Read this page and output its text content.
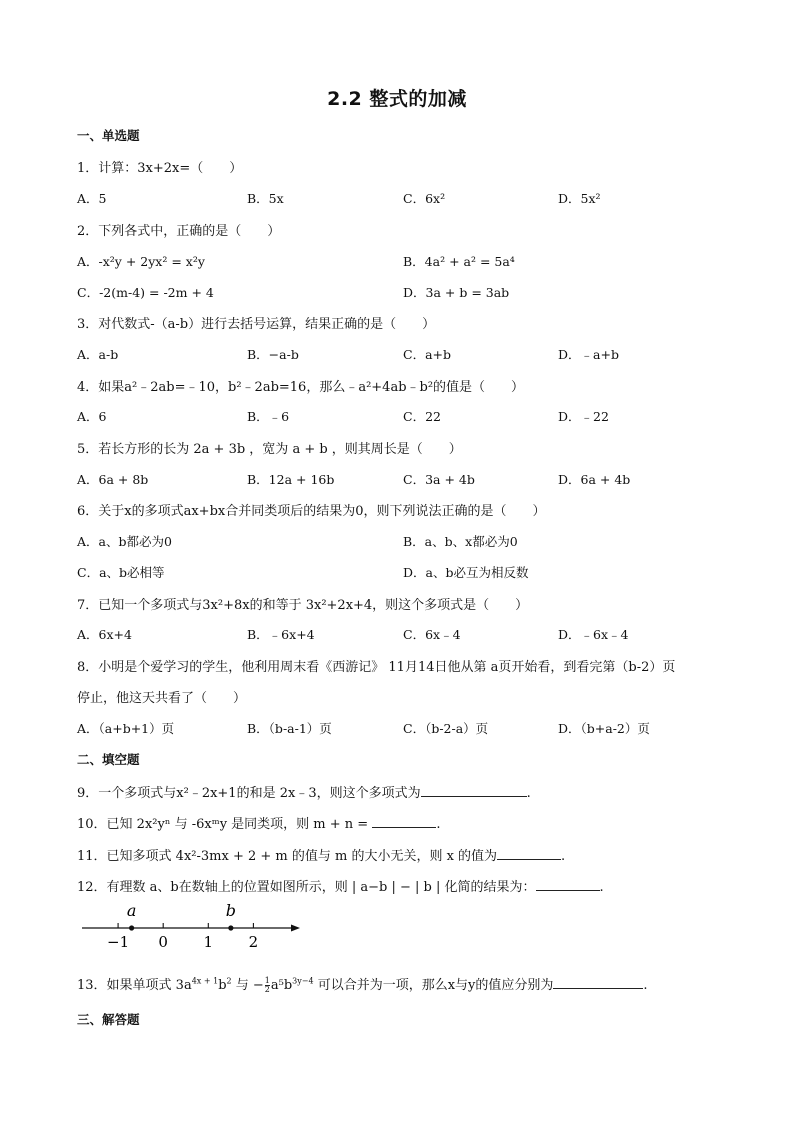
2.2 整式的加减
一、单选题
1．计算：3x+2x=（　　）
A．5	B．5x	C．6x²	D．5x²
2．下列各式中，正确的是（　　）
A．-x²y + 2yx² = x²y	B．4a² + a² = 5a⁴
C．-2(m-4) = -2m + 4	D．3a + b = 3ab
3．对代数式-（a-b）进行去括号运算，结果正确的是（　　）
A．a-b	B．−a-b	C．a+b	D．﹣a+b
4．如果a²﹣2ab=﹣10，b²﹣2ab=16，那么﹣a²+4ab﹣b²的值是（　　）
A．6	B．﹣6	C．22	D．﹣22
5．若长方形的长为 2a + 3b ，宽为 a + b ，则其周长是（　　）
A．6a + 8b	B．12a + 16b	C．3a + 4b	D．6a + 4b
6．关于x的多项式ax+bx合并同类项后的结果为0，则下列说法正确的是（　　）
A．a、b都必为0	B．a、b、x都必为0
C．a、b必相等	D．a、b必互为相反数
7．已知一个多项式与3x²+8x的和等于 3x²+2x+4，则这个多项式是（　　）
A．6x+4	B．﹣6x+4	C．6x﹣4	D．﹣6x﹣4
8．小明是个爱学习的学生，他利用周末看《西游记》 11月14日他从第 a页开始看，到看完第（b-2）页
停止，他这天共看了（　　）
A．（a+b+1）页	B．（b-a-1）页	C．（b-2-a）页	D．（b+a-2）页
二、填空题
9．一个多项式与x²﹣2x+1的和是 2x﹣3，则这个多项式为	.
10．已知 2x²yⁿ 与 -6xᵐy 是同类项，则 m + n =	.
11．已知多项式 4x²-3mx + 2 + m 的值与 m 的大小无关，则 x 的值为	.
12．有理数 a、b在数轴上的位置如图所示，则 | a−b | − | b | 化简的结果为：	.
−1 0 1 2
a	b
13．如果单项式 $3a^{4x + 1}b^2$ 与 − $\frac{1}{2} a^5b^{3y-4}$ 可以合并为一项，那么x与y的值应分别为	.
三、解答题
